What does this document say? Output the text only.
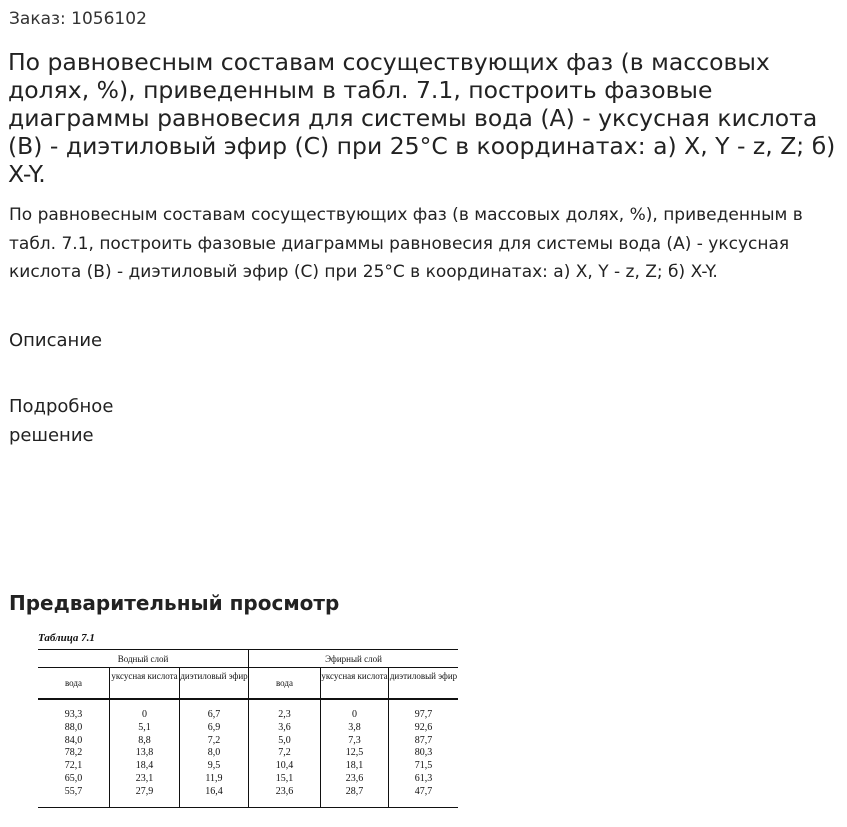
Заказ: 1056102
По равновесным составам сосуществующих фаз (в массовых долях, %), приведенным в табл. 7.1, построить фазовые диаграммы равновесия для системы вода (А) - уксусная кислота (В) - диэтиловый эфир (С) при 25°С в координатах: а) X, Y - z, Z; б) X-Y.
По равновесным составам сосуществующих фаз (в массовых долях, %), приведенным в табл. 7.1, построить фазовые диаграммы равновесия для системы вода (А) - уксусная кислота (В) - диэтиловый эфир (С) при 25°С в координатах: а) X, Y - z, Z; б) X-Y.
Описание
Подробное решение
Предварительный просмотр
Таблица 7.1
Водный слой	Эфирный слой
вода
уксусная кислота диэтиловый эфир
вода
уксусная кислота диэтиловый эфир
93,3
88,0
84,0
78,2
72,1
65,0
55,7
0
5,1
8,8
13,8
18,4
23,1
27,9
6,7
6,9
7,2
8,0
9,5
11,9
16,4
2,3
3,6
5,0
7,2
10,4
15,1
23,6
0
3,8
7,3
12,5
18,1
23,6
28,7
97,7
92,6
87,7
80,3
71,5
61,3
47,7
